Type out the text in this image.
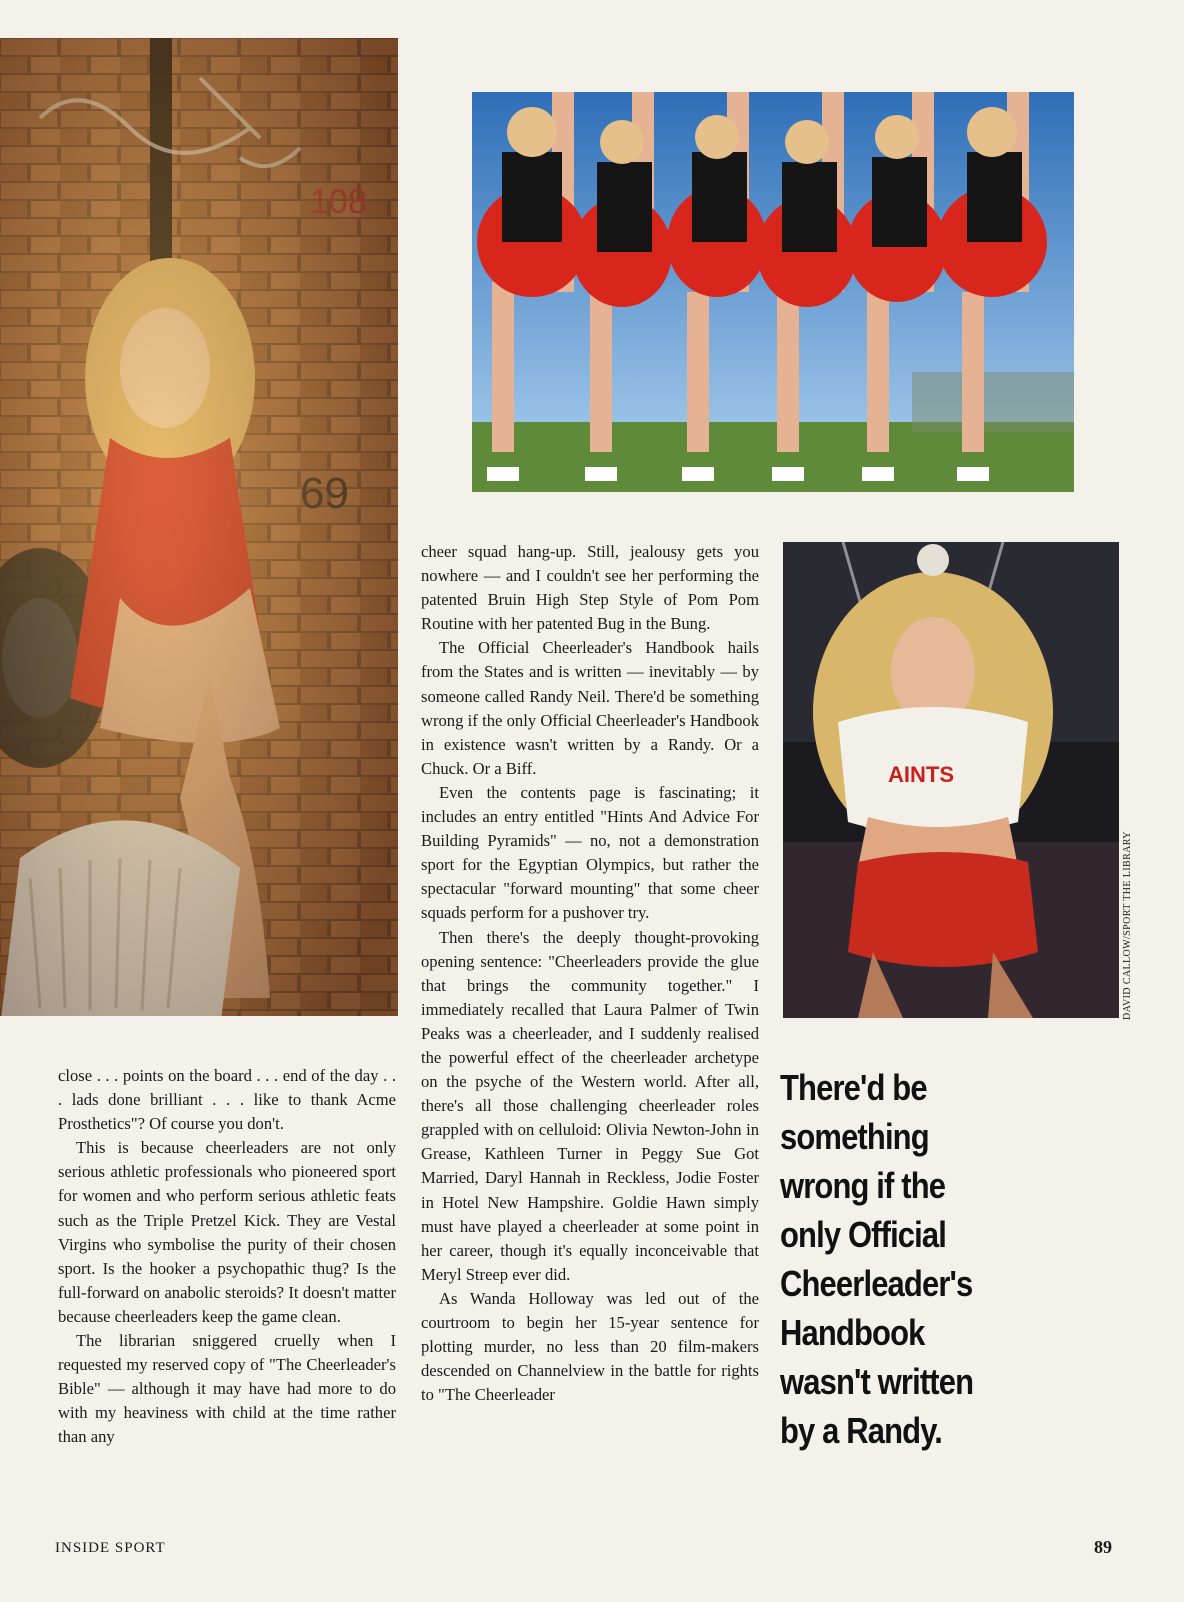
AINTS
DAVID CALLOW/SPORT THE LIBRARY

close . . . points on the board . . . end of the day . . . lads done brilliant . . . like to thank Acme Prosthetics"? Of course you don't.

This is because cheerleaders are not only serious athletic professionals who pioneered sport for women and who perform serious athletic feats such as the Triple Pretzel Kick. They are Vestal Virgins who symbolise the purity of their chosen sport. Is the hooker a psychopathic thug? Is the full-forward on anabolic steroids? It doesn't matter because cheerleaders keep the game clean.

The librarian sniggered cruelly when I requested my reserved copy of "The Cheerleader's Bible" — although it may have had more to do with my heaviness with child at the time rather than any

cheer squad hang-up. Still, jealousy gets you nowhere — and I couldn't see her performing the patented Bruin High Step Style of Pom Pom Routine with her patented Bug in the Bung.

The Official Cheerleader's Handbook hails from the States and is written — inevitably — by someone called Randy Neil. There'd be something wrong if the only Official Cheerleader's Handbook in existence wasn't written by a Randy. Or a Chuck. Or a Biff.

Even the contents page is fascinating; it includes an entry entitled "Hints And Advice For Building Pyramids" — no, not a demonstration sport for the Egyptian Olympics, but rather the spectacular "forward mounting" that some cheer squads perform for a pushover try.

Then there's the deeply thought-provoking opening sentence: "Cheerleaders provide the glue that brings the community together." I immediately recalled that Laura Palmer of Twin Peaks was a cheerleader, and I suddenly realised the powerful effect of the cheerleader archetype on the psyche of the Western world. After all, there's all those challenging cheerleader roles grappled with on celluloid: Olivia Newton-John in Grease, Kathleen Turner in Peggy Sue Got Married, Daryl Hannah in Reckless, Jodie Foster in Hotel New Hampshire. Goldie Hawn simply must have played a cheerleader at some point in her career, though it's equally inconceivable that Meryl Streep ever did.

As Wanda Holloway was led out of the courtroom to begin her 15-year sentence for plotting murder, no less than 20 film-makers descended on Channelview in the battle for rights to "The Cheerleader

There'd be
something
wrong if the
only Official
Cheerleader's
Handbook
wasn't written
by a Randy.
INSIDE SPORT	89
